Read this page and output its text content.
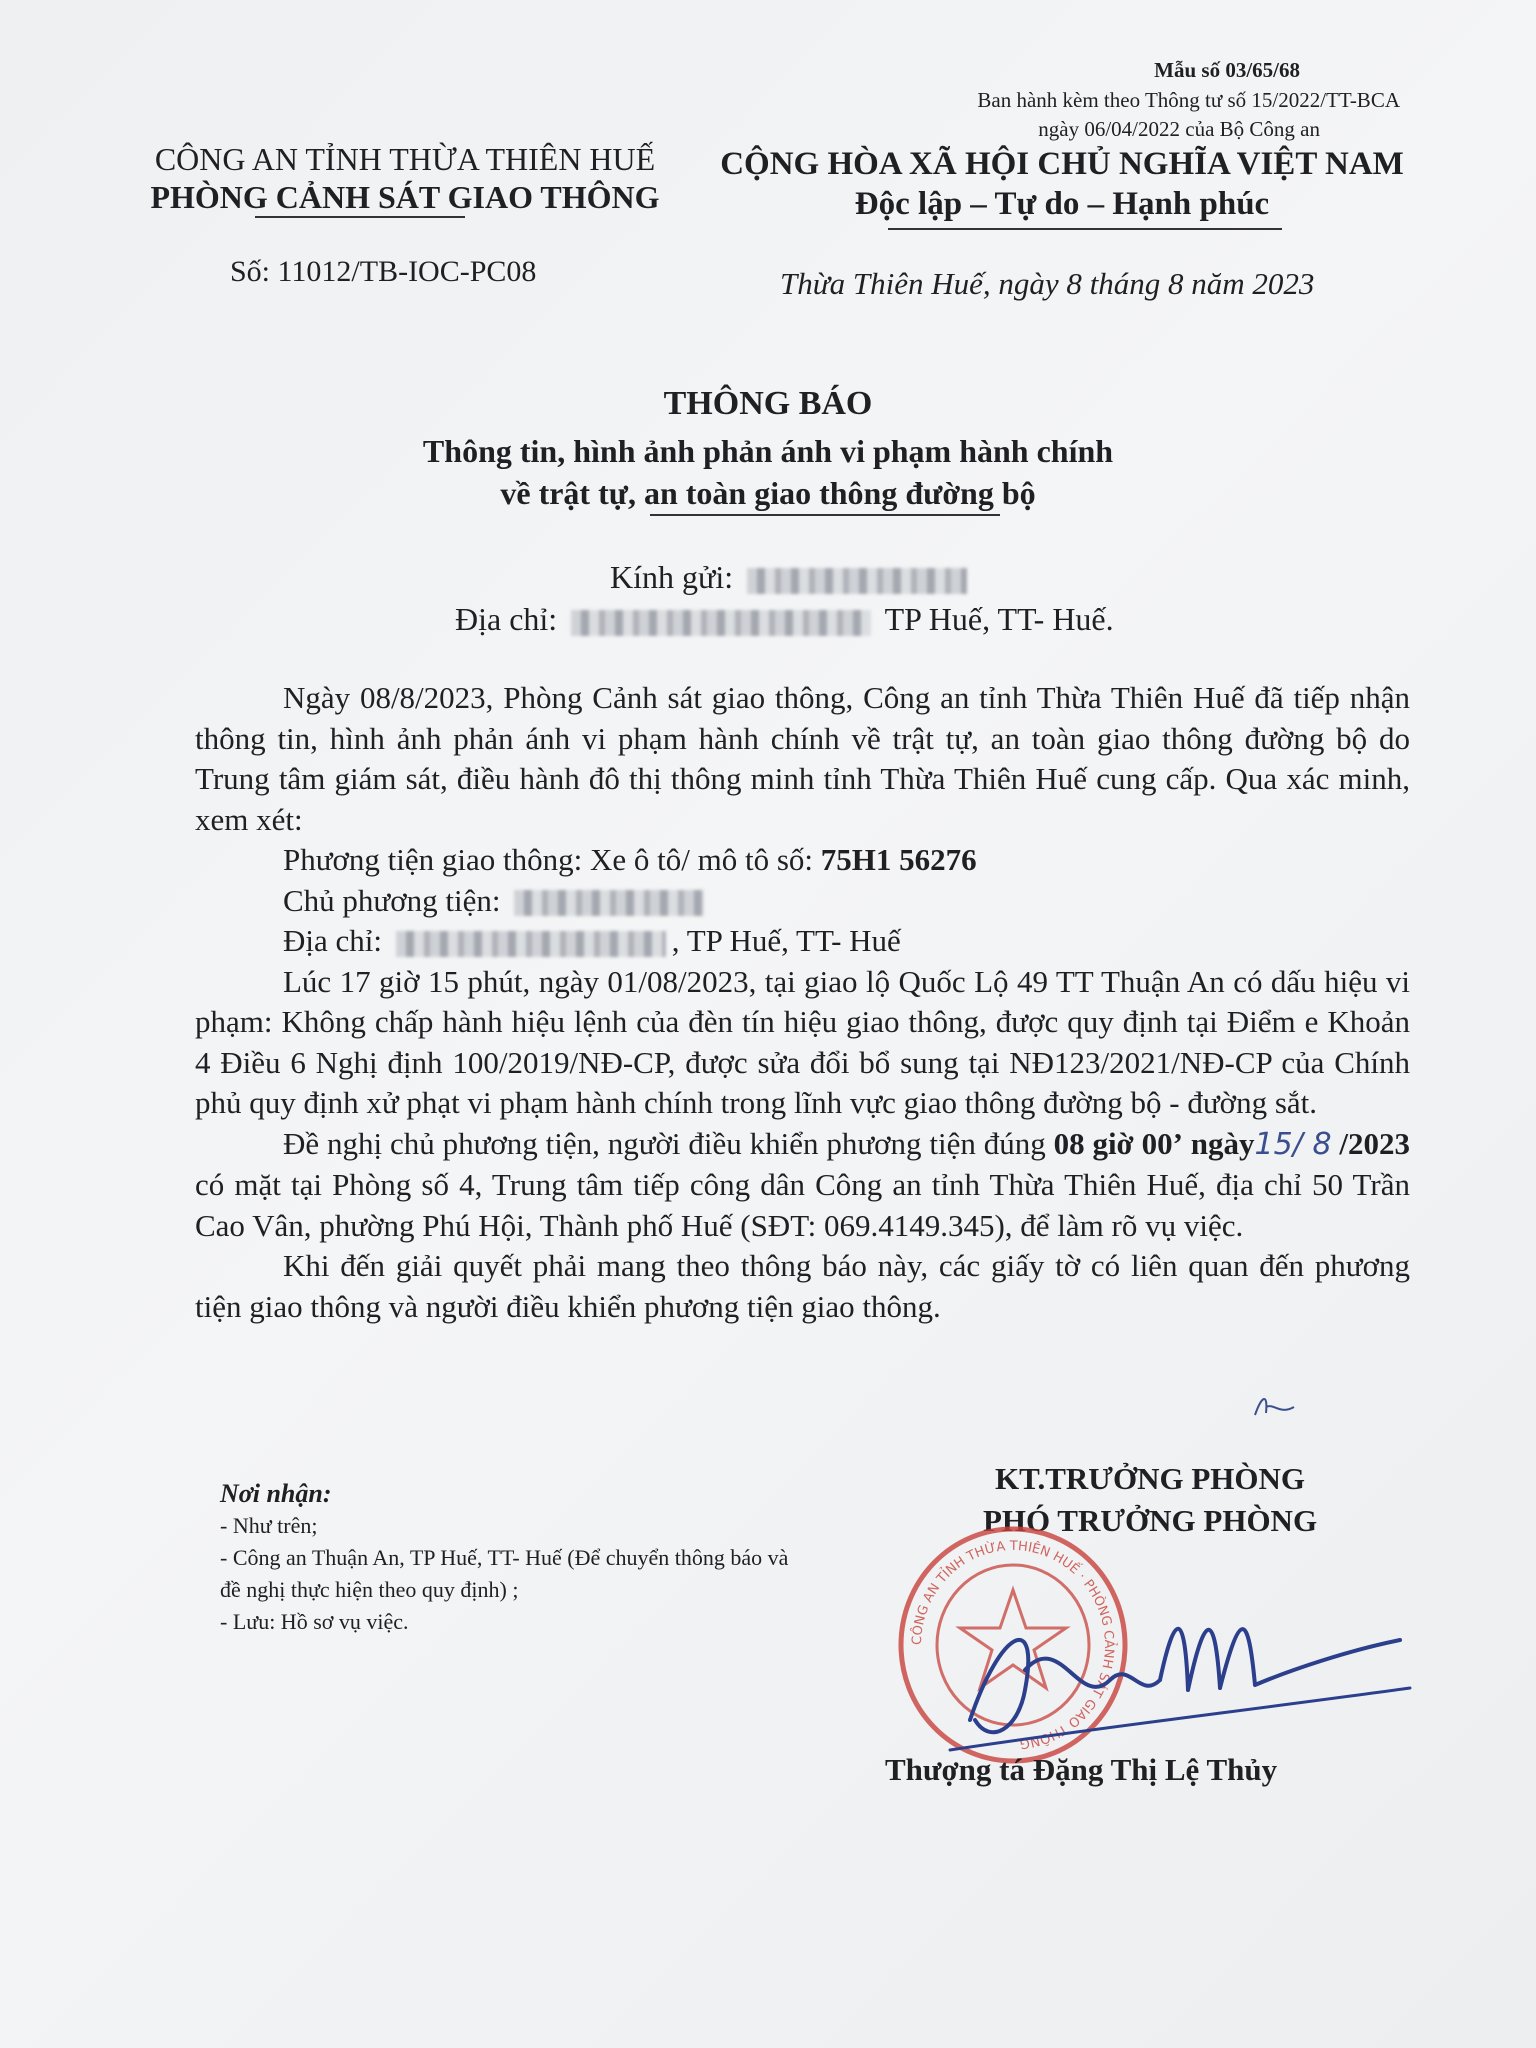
Mẫu số 03/65/68
Ban hành kèm theo Thông tư số 15/2022/TT-BCA
ngày 06/04/2022 của Bộ Công an
CÔNG AN TỈNH THỪA THIÊN HUẾ
PHÒNG CẢNH SÁT GIAO THÔNG
CỘNG HÒA XÃ HỘI CHỦ NGHĨA VIỆT NAM
Độc lập – Tự do – Hạnh phúc
Số: 11012/TB-IOC-PC08	Thừa Thiên Huế, ngày 8 tháng 8 năm 2023
THÔNG BÁO
Thông tin, hình ảnh phản ánh vi phạm hành chính
về trật tự, an toàn giao thông đường bộ
Kính gửi:
Địa chỉ:	TP Huế, TT- Huế.

Ngày 08/8/2023, Phòng Cảnh sát giao thông, Công an tỉnh Thừa Thiên Huế đã tiếp nhận thông tin, hình ảnh phản ánh vi phạm hành chính về trật tự, an toàn giao thông đường bộ do Trung tâm giám sát, điều hành đô thị thông minh tỉnh Thừa Thiên Huế cung cấp. Qua xác minh, xem xét:

Phương tiện giao thông: Xe ô tô/ mô tô số: 75H1 56276
Chủ phương tiện:
Địa chỉ:	, TP Huế, TT- Huế

Lúc 17 giờ 15 phút, ngày 01/08/2023, tại giao lộ Quốc Lộ 49 TT Thuận An có dấu hiệu vi phạm: Không chấp hành hiệu lệnh của đèn tín hiệu giao thông, được quy định tại Điểm e Khoản 4 Điều 6 Nghị định 100/2019/NĐ-CP, được sửa đổi bổ sung tại NĐ123/2021/NĐ-CP của Chính phủ quy định xử phạt vi phạm hành chính trong lĩnh vực giao thông đường bộ - đường sắt.

Đề nghị chủ phương tiện, người điều khiển phương tiện đúng 08 giờ 00’ ngày15/ 8 /2023 có mặt tại Phòng số 4, Trung tâm tiếp công dân Công an tỉnh Thừa Thiên Huế, địa chỉ 50 Trần Cao Vân, phường Phú Hội, Thành phố Huế (SĐT: 069.4149.345), để làm rõ vụ việc.

Khi đến giải quyết phải mang theo thông báo này, các giấy tờ có liên quan đến phương tiện giao thông và người điều khiển phương tiện giao thông.

Nơi nhận:
- Như trên;
- Công an Thuận An, TP Huế, TT- Huế (Để chuyển thông báo và đề nghị thực hiện theo quy định) ;
- Lưu: Hồ sơ vụ việc.
KT.TRƯỞNG PHÒNG
PHÓ TRƯỞNG PHÒNG
CÔNG AN TỈNH THỪA THIÊN HUẾ · PHÒNG CẢNH SÁT GIAO THÔNG
Thượng tá Đặng Thị Lệ Thủy
